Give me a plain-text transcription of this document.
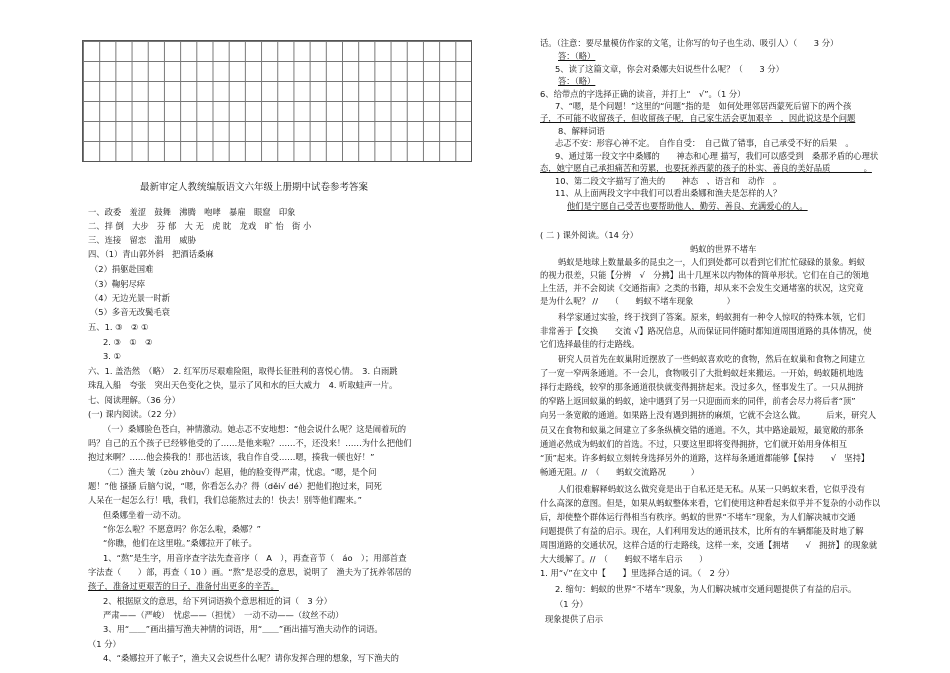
最新审定人教统编版语文六年级上册期中试卷参考答案
一、政委　羞涩　鼓舞　沸腾　咆哮　暴雇　眼窟　印象
二、拌 倒　大步　芬 郁　大 无　虎 眈　龙戏　旷 怡　街 小
三、连接　留恋　滥用　威胁
四、（1）青山郭外斜　把酒话桑麻
（2）捐躯赴国难
（3）鞠躬尽瘁
（4）无边光景一时新
（5）多音无改鬓毛衰
五、1. ③　② ①
2. ③　①　②
3. ①
六、1. 盖浩然　（略）　2. 红军历尽艰难险阻，取得长征胜利的喜悦心情。　3. 白雨跳
珠乱入船　夸张　突出天色变化之快，显示了风和水的巨大威力　4. 听取蛙声一片。
七、阅读理解。（36 分）
(一) 课内阅读。（22 分）
（一）桑娜脸色苍白，神情激动。她忐忑不安地想：“他会说什么呢？这是闹着玩的
吗？自己的五个孩子已经够他受的了……是他来啦？……不，还没来！……为什么把他们
抱过来啊？……他会揍我的！那也活该，我自作自受……嗯，揍我一顿也好！”
（二）渔夫 皱（zòu zhòu√）起眉，他的脸变得严肃，忧虑。“嗯，是个问
题！”他 搔搔 后脑勺说，“嗯，你看怎么办？得（děi√ dé）把他们抱过来，同死
人呆在一起怎么行！哦，我们，我们总能熬过去的！快去！别等他们醒来。”
但桑娜坐着一动不动。
“你怎么啦？不愿意吗？你怎么啦，桑娜？”
“你瞧，他们在这里啦。”桑娜拉开了帐子。
1、“熬”是生字，用音序查字法先查音序（　A　），再查音节（　áo　）；用部首查
字法查（　　）部，再查（ 10 ）画。“熬”是忍受的意思，说明了　渔夫为了抚养邻居的
孩子，准备过更艰苦的日子，准备付出更多的辛苦。
2、根据原文的意思，给下列词语换个意思相近的词（　3 分）
严肃——（严峻）　忧虑——（担忧）　一动不动——（纹丝不动）
3、用“＿＿”画出描写渔夫神情的词语，用“＿＿”画出描写渔夫动作的词语。
（1 分）
4、“桑娜拉开了帐子”，渔夫又会说些什么呢？请你发挥合理的想象，写下渔夫的
话。（注意：要尽量模仿作家的文笔，让你写的句子也生动、吸引人）（　　3 分）
答：（略）
5、读了这篇文章，你会对桑娜夫妇说些什么呢？（　　3 分）
答：（略）
6、给带点的字选择正确的读音，并打上“　√”。（1 分）
7、“嗯，是个问题！”这里的“问题”指的是　如何处理邻居西蒙死后留下的两个孩
子，不可能不收留孩子，但收留孩子呢，自己家生活会更加艰辛　，因此说这是个问题
8、解释词语
忐忑不安：形容心神不定。　自作自受：　自己做了错事，自己承受不好的后果　。
9、通过第一段文字中桑娜的　　神态和心理 描写，我们可以感受到　桑那矛盾的心理状
态，她宁愿自己承担痛苦和劳累，也要抚养西蒙的孩子的朴实、善良的美好品质　　　　。
10、第二段文字描写了渔夫的　　神态　、语言和　动作　。
11、从上面两段文字中我们可以看出桑娜和渔夫是怎样的人？
他们是宁愿自己受苦也要帮助他人，勤劳、善良、充满爱心的人。
( 二 ) 课外阅读。（14 分）
蚂蚁的世界不堵车
蚂蚁是地球上数量最多的昆虫之一，人们到处都可以看到它们忙忙碌碌的景象。蚂蚁
的视力很差，只能【分辨　√　分拂】出十几厘米以内物体的简单形状。它们在自己的领地
上生活，并不会阅读《交通指南》之类的书籍，却从来不会发生交通堵塞的状况，这究竟
是为什么呢？ //　　（　　蚂蚁不堵车现象　　　　）
科学家通过实验，终于找到了答案。原来，蚂蚁拥有一种令人惊叹的特殊本领，它们
非常善于【交换　　交流 √】路况信息，从而保证同伴随时都知道周围道路的具体情况，使
它们选择最佳的行走路线。
研究人员首先在蚁巢附近摆放了一些蚂蚁喜欢吃的食物，然后在蚁巢和食物之间建立
了一宽一窄两条通道。不一会儿，食物吸引了大批蚂蚁赶来搬运。一开始，蚂蚁随机地选
择行走路线，较窄的那条通道很快就变得拥挤起来。没过多久，怪事发生了。一只从拥挤
的窄路上返回蚁巢的蚂蚁，途中遇到了另一只迎面而来的同伴，前者会尽力将后者“顶”
向另一条宽敞的通道。如果路上没有遇到拥挤的麻烦，它就不会这么做。　　　后来，研究人
员又在食物和蚁巢之间建立了多条纵横交错的通道。不久，其中路途最短，最宽敞的那条
通道必然成为蚂蚁们的首选。不过，只要这里即将变得拥挤，它们就开始用身体相互
“顶”起来。许多蚂蚁立刻转身选择另外的道路，这样每条通道都能够【保持　　√　坚持】
畅通无阻。//　（　　蚂蚁交流路况　　　）
人们很难解释蚂蚁这么做究竟是出于自私还是无私。从某一只蚂蚁来看，它似乎没有
什么高深的意图。但是，如果从蚂蚁整体来看，它们使用这种看起来似乎并不复杂的小动作以
后，却使整个群体运行得相当有秩序。蚂蚁的世界“不堵车”现象，为人们解决城市交通
问题提供了有益的启示。现在，人们利用发达的通讯技术，比所有的车辆都能及时地了解
周围道路的交通状况，这样合适的行走路线，这样一来，交通【拥堵　　√　拥挤】的现象就
大大缓解了。//　（　　蚂蚁不堵车启示　　）
1. 用“√”在文中【　　】里选择合适的词。（　2 分）
2. 缩句：蚂蚁的世界“不堵车”现象，为人们解决城市交通问题提供了有益的启示。
（1 分）
现象提供了启示
